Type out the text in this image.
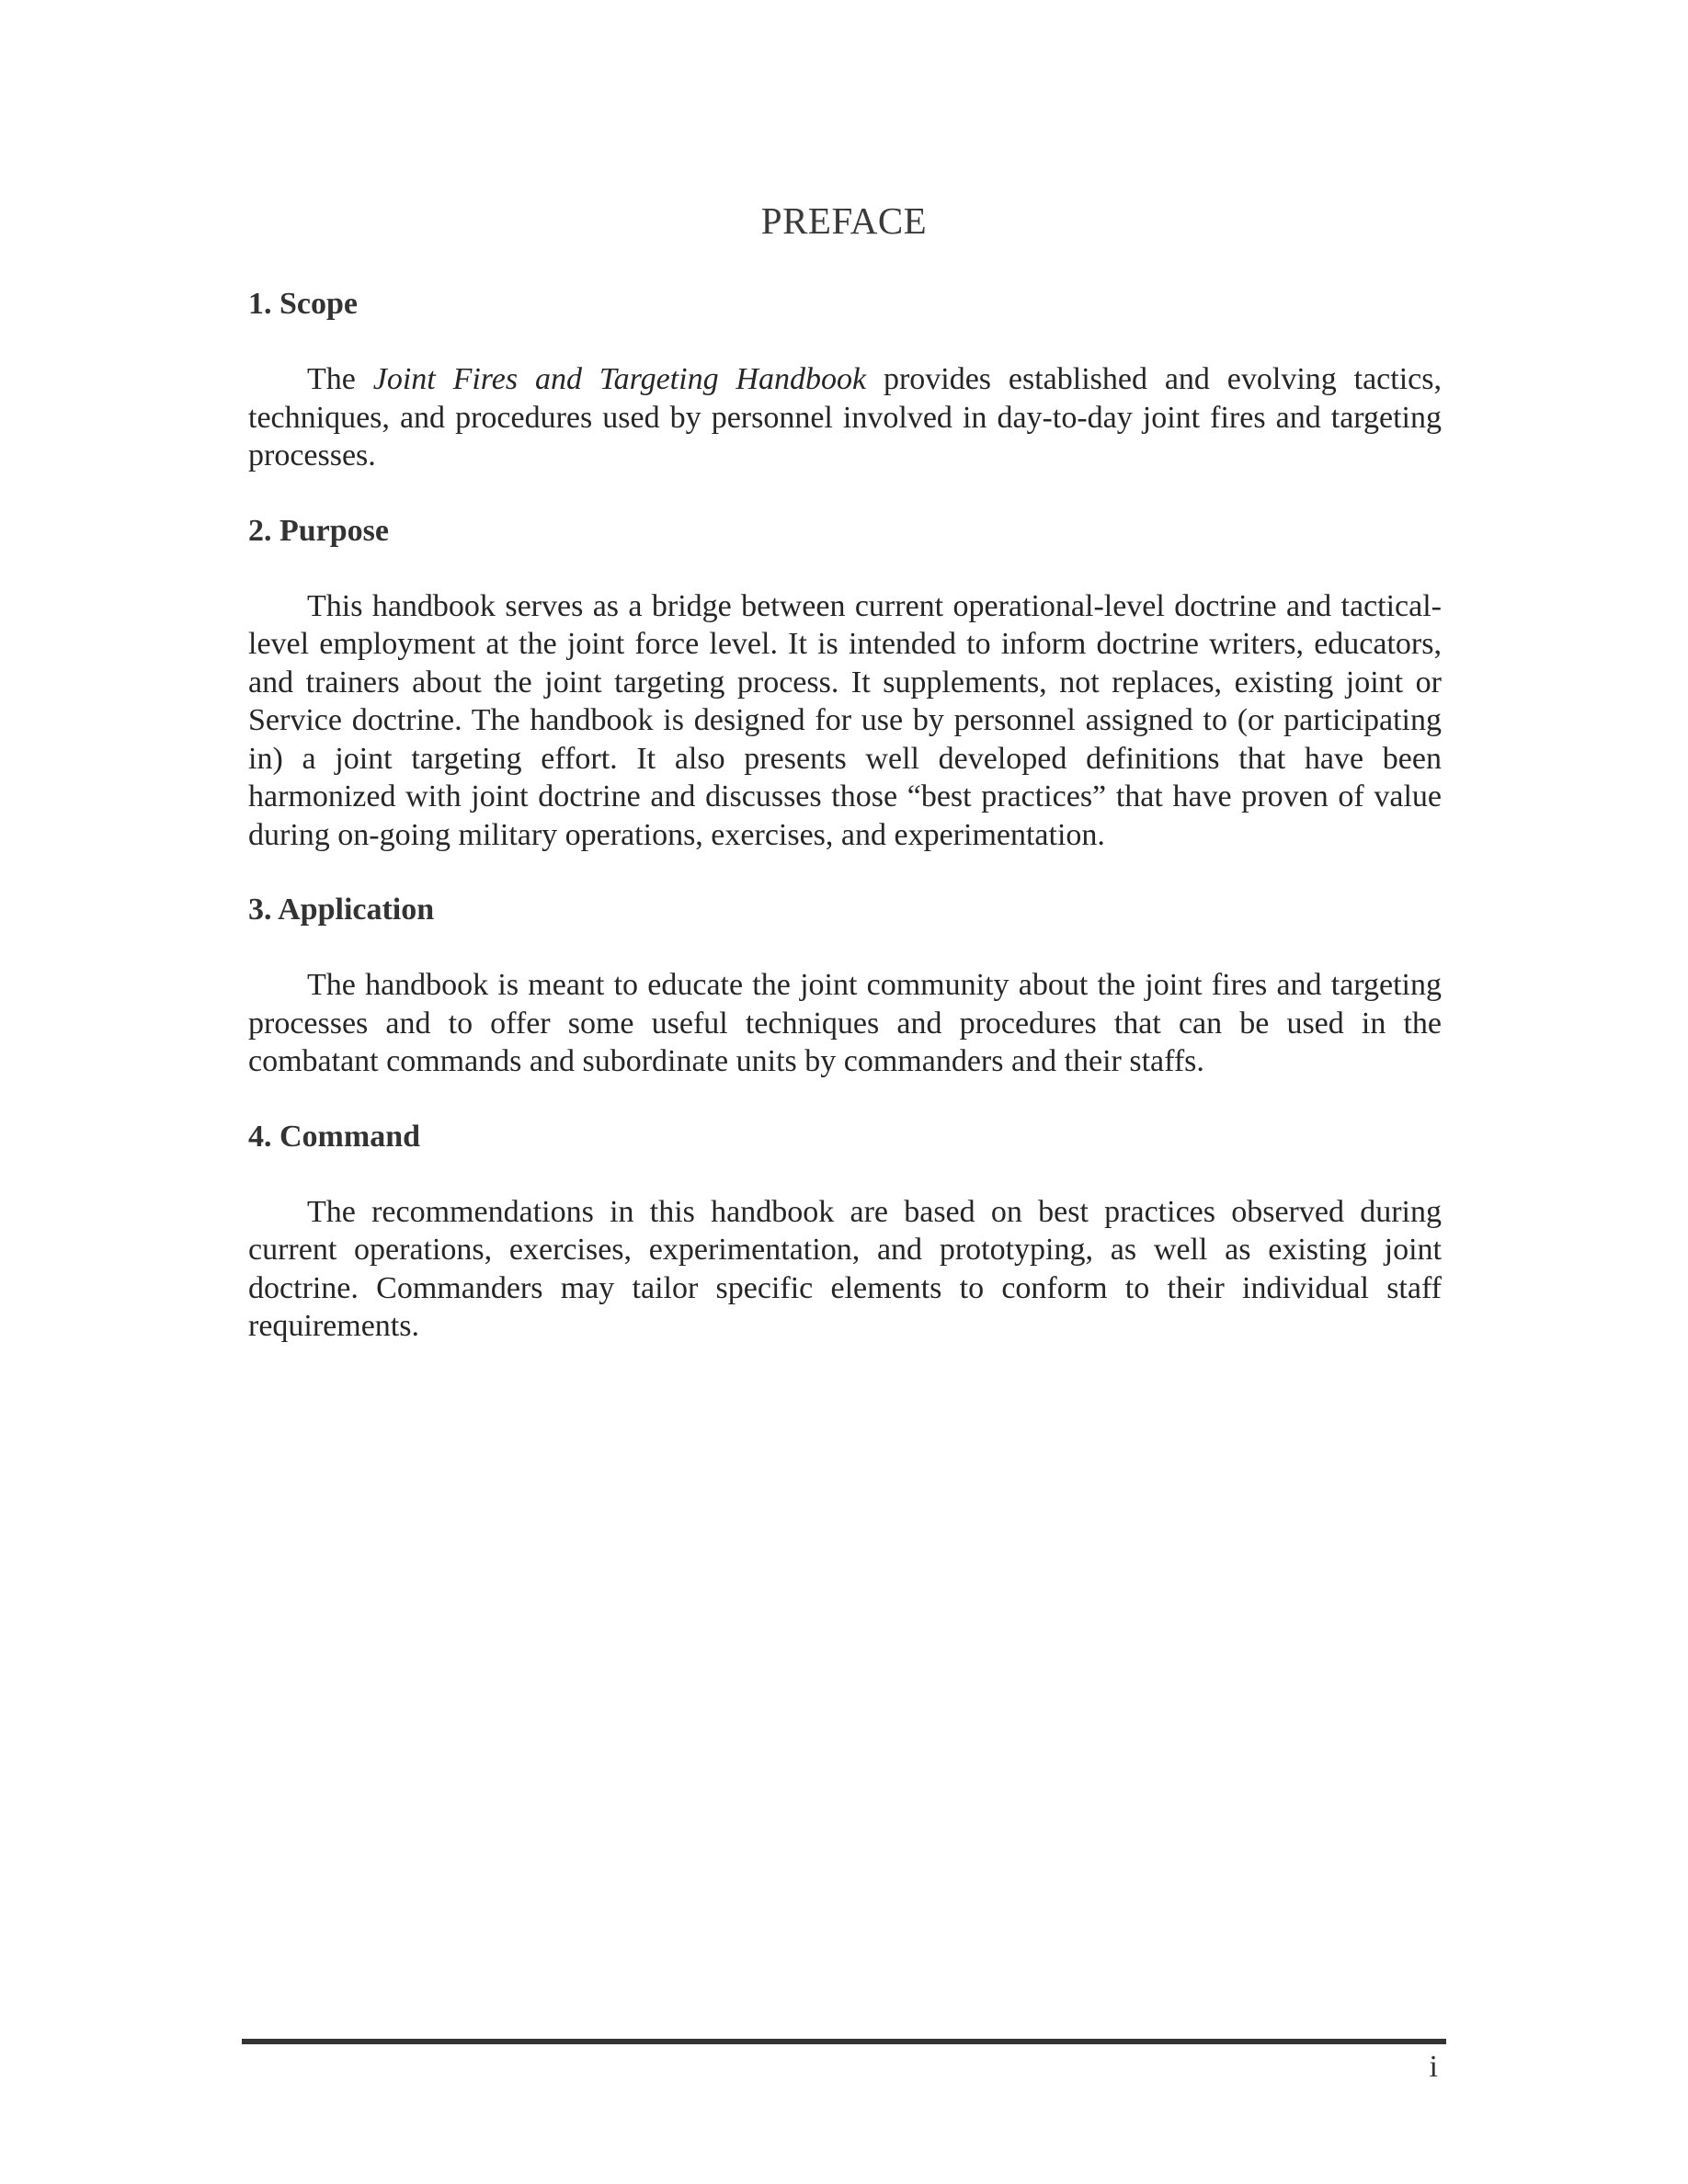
PREFACE
1. Scope

The Joint Fires and Targeting Handbook provides established and evolving tactics, techniques, and procedures used by personnel involved in day-to-day joint fires and targeting processes.

2. Purpose

This handbook serves as a bridge between current operational-level doctrine and tactical-level employment at the joint force level. It is intended to inform doctrine writers, educators, and trainers about the joint targeting process. It supplements, not replaces, existing joint or Service doctrine. The handbook is designed for use by personnel assigned to (or participating in) a joint targeting effort. It also presents well developed definitions that have been harmonized with joint doctrine and discusses those “best practices” that have proven of value during on-going military operations, exercises, and experimentation.

3. Application

The handbook is meant to educate the joint community about the joint fires and targeting processes and to offer some useful techniques and procedures that can be used in the combatant commands and subordinate units by commanders and their staffs.

4. Command

The recommendations in this handbook are based on best practices observed during current operations, exercises, experimentation, and prototyping, as well as existing joint doctrine. Commanders may tailor specific elements to conform to their individual staff requirements.

i
